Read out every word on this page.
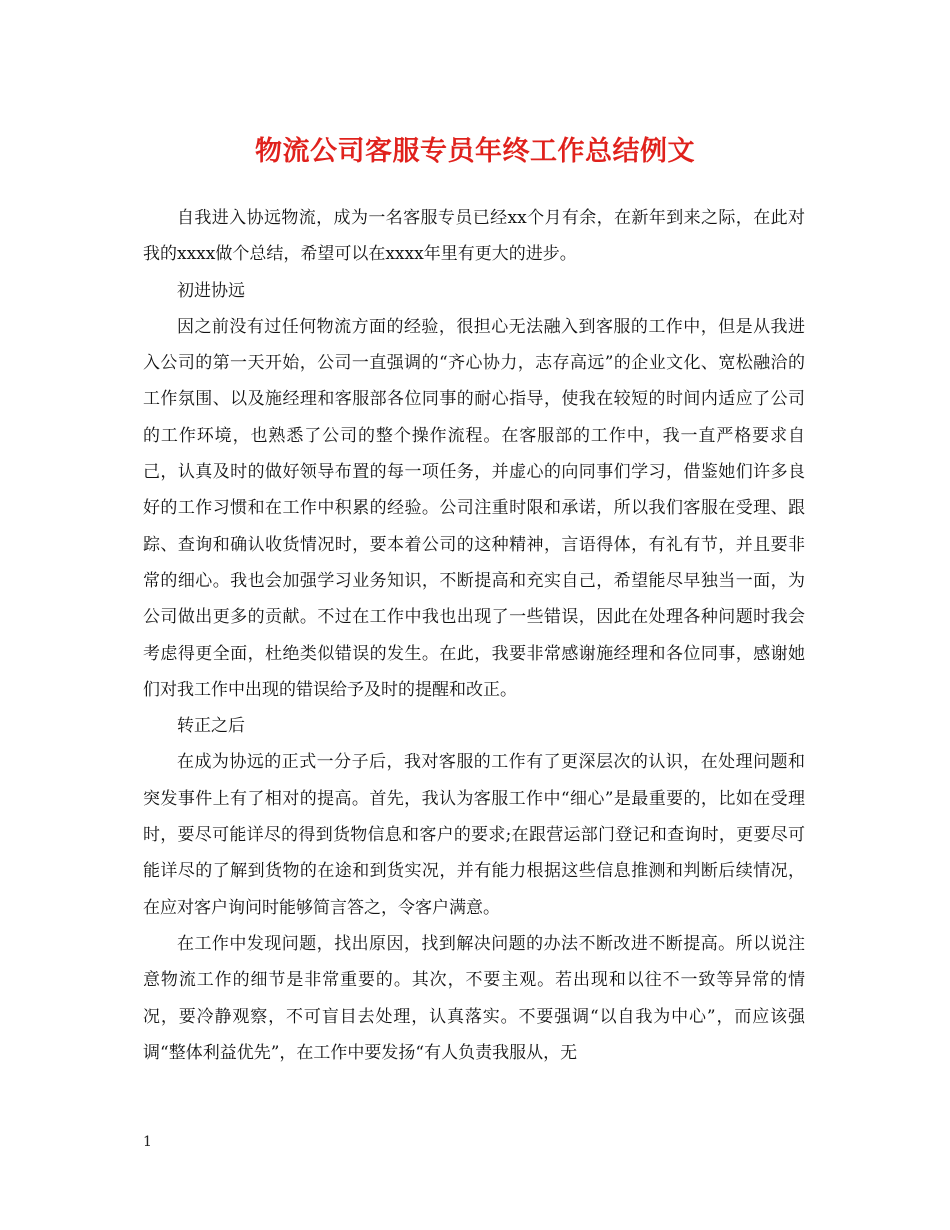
物流公司客服专员年终工作总结例文

自我进入协远物流，成为一名客服专员已经xx个月有余，在新年到来之际，在此对我的xxxx做个总结，希望可以在xxxx年里有更大的进步。

初进协远

因之前没有过任何物流方面的经验，很担心无法融入到客服的工作中，但是从我进入公司的第一天开始，公司一直强调的“齐心协力，志存高远”的企业文化、宽松融洽的工作氛围、以及施经理和客服部各位同事的耐心指导，使我在较短的时间内适应了公司的工作环境，也熟悉了公司的整个操作流程。在客服部的工作中，我一直严格要求自己，认真及时的做好领导布置的每一项任务，并虚心的向同事们学习，借鉴她们许多良好的工作习惯和在工作中积累的经验。公司注重时限和承诺，所以我们客服在受理、跟踪、查询和确认收货情况时，要本着公司的这种精神，言语得体，有礼有节，并且要非常的细心。我也会加强学习业务知识，不断提高和充实自己，希望能尽早独当一面，为公司做出更多的贡献。不过在工作中我也出现了一些错误，因此在处理各种问题时我会考虑得更全面，杜绝类似错误的发生。在此，我要非常感谢施经理和各位同事，感谢她们对我工作中出现的错误给予及时的提醒和改正。

转正之后

在成为协远的正式一分子后，我对客服的工作有了更深层次的认识，在处理问题和突发事件上有了相对的提高。首先，我认为客服工作中“细心”是最重要的，比如在受理时，要尽可能详尽的得到货物信息和客户的要求;在跟营运部门登记和查询时，更要尽可能详尽的了解到货物的在途和到货实况，并有能力根据这些信息推测和判断后续情况，在应对客户询问时能够简言答之，令客户满意。

在工作中发现问题，找出原因，找到解决问题的办法不断改进不断提高。所以说注意物流工作的细节是非常重要的。其次，不要主观。若出现和以往不一致等异常的情况，要冷静观察，不可盲目去处理，认真落实。不要强调“以自我为中心”，而应该强调“整体利益优先”，在工作中要发扬“有人负责我服从，无

1
